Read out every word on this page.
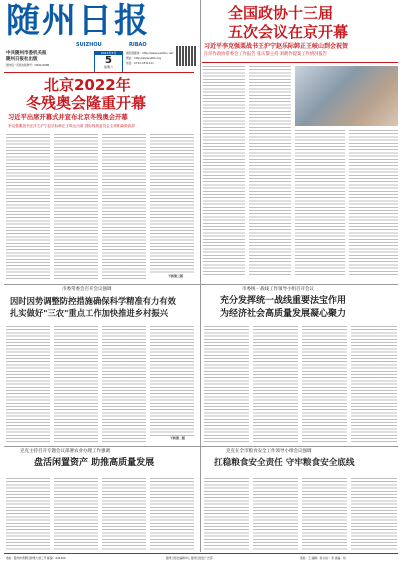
随州日报
SUIZHOU	RIBAO
中共随州市委机关报
随州日报社出版
国内统一连续出版物号：CN42-0086
2022年3月
5
星期六
国家级媒体：http://www.suizhou.net
网站：http://www.szbb.org
电话：0722-3311111
全国政协十三届
五次会议在京开幕
习近平李克强栗战书王沪宁赵乐际韩正王岐山到会祝贺
汪洋作政协常委会工作报告 张庆黎主持 刘鹤作提案工作情况报告
北京2022年
冬残奥会隆重开幕
习近平出席开幕式并宣布北京冬残奥会开幕
李克强栗战书汪洋王沪宁赵乐际韩正王岐山出席 国际残奥委员会主席帕森斯致辞
下转第三版
市委常委会召开会议强调
因时因势调整防控措施确保科学精准有力有效
扎实做好"三农"重点工作加快推进乡村振兴
下转第二版
市委统一战线工作领导小组召开会议
充分发挥统一战线重要法宝作用
为经济社会高质量发展凝心聚力
克克主持召开专题会议部署农业办理工作强调
盘活闲置资产 助推高质量发展
克克在全市粮食安全工作领导小组会议强调
扛稳粮食安全责任 守牢粮食安全底线
地址：随州市曾都区鲜果大道三号 邮编：441300	随州日报社编辑中心 随州日报社广告部	值班：王 编辑：杨 校对：李 美编：刘
